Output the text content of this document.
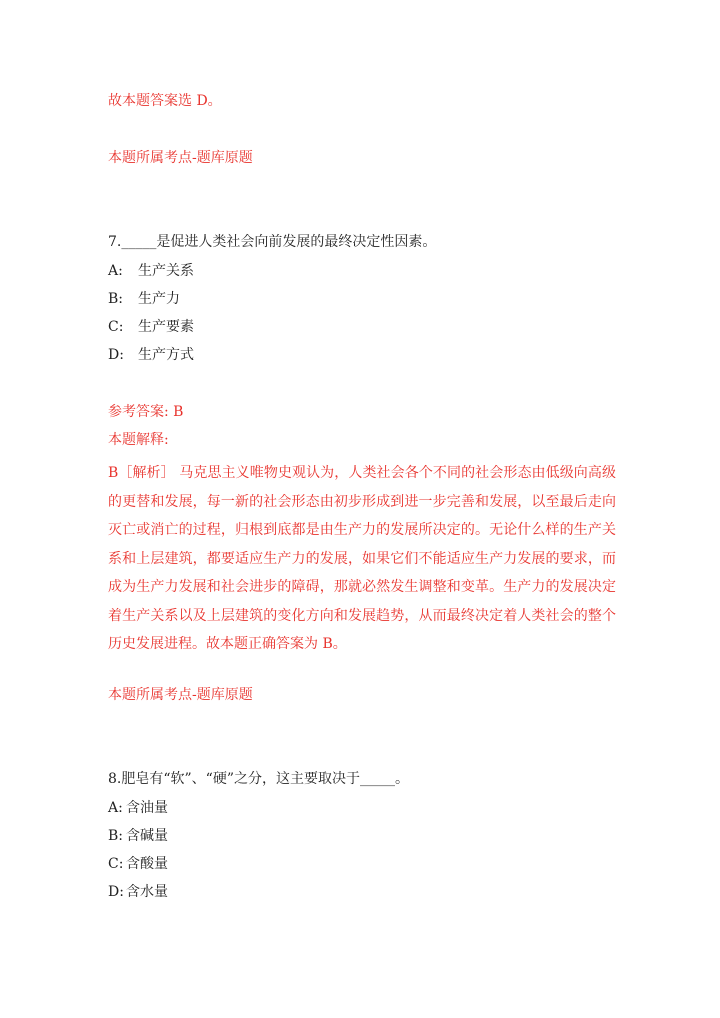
故本题答案选 D。
本题所属考点-题库原题
7._____是促进人类社会向前发展的最终决定性因素。
A: 生产关系
B: 生产力
C: 生产要素
D: 生产方式
参考答案: B
本题解释:
B［解析］ 马克思主义唯物史观认为，人类社会各个不同的社会形态由低级向高级的更替和发展，每一新的社会形态由初步形成到进一步完善和发展，以至最后走向灭亡或消亡的过程，归根到底都是由生产力的发展所决定的。无论什么样的生产关系和上层建筑，都要适应生产力的发展，如果它们不能适应生产力发展的要求，而成为生产力发展和社会进步的障碍，那就必然发生调整和变革。生产力的发展决定着生产关系以及上层建筑的变化方向和发展趋势，从而最终决定着人类社会的整个历史发展进程。故本题正确答案为 B。
本题所属考点-题库原题
8.肥皂有“软”、“硬”之分，这主要取决于_____。
A: 含油量
B: 含碱量
C: 含酸量
D: 含水量
